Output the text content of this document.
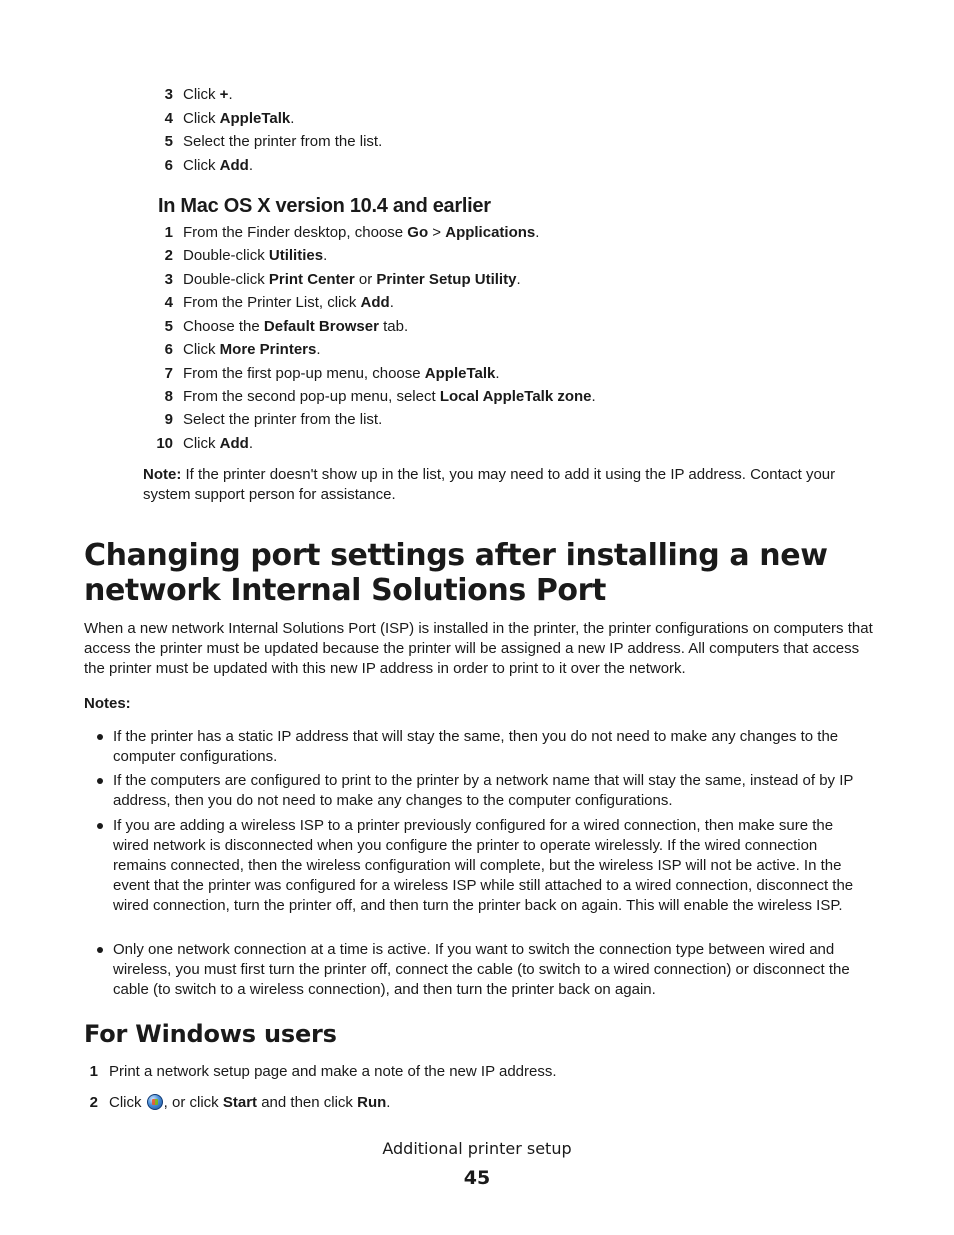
3 Click +.
4 Click AppleTalk.
5 Select the printer from the list.
6 Click Add.
In Mac OS X version 10.4 and earlier
1 From the Finder desktop, choose Go > Applications.
2 Double-click Utilities.
3 Double-click Print Center or Printer Setup Utility.
4 From the Printer List, click Add.
5 Choose the Default Browser tab.
6 Click More Printers.
7 From the first pop-up menu, choose AppleTalk.
8 From the second pop-up menu, select Local AppleTalk zone.
9 Select the printer from the list.
10 Click Add.
Note: If the printer doesn't show up in the list, you may need to add it using the IP address. Contact your system support person for assistance.
Changing port settings after installing a new network Internal Solutions Port
When a new network Internal Solutions Port (ISP) is installed in the printer, the printer configurations on computers that access the printer must be updated because the printer will be assigned a new IP address. All computers that access the printer must be updated with this new IP address in order to print to it over the network.
Notes:
If the printer has a static IP address that will stay the same, then you do not need to make any changes to the computer configurations.
If the computers are configured to print to the printer by a network name that will stay the same, instead of by IP address, then you do not need to make any changes to the computer configurations.
If you are adding a wireless ISP to a printer previously configured for a wired connection, then make sure the wired network is disconnected when you configure the printer to operate wirelessly. If the wired connection remains connected, then the wireless configuration will complete, but the wireless ISP will not be active. In the event that the printer was configured for a wireless ISP while still attached to a wired connection, disconnect the wired connection, turn the printer off, and then turn the printer back on again. This will enable the wireless ISP.
Only one network connection at a time is active. If you want to switch the connection type between wired and wireless, you must first turn the printer off, connect the cable (to switch to a wired connection) or disconnect the cable (to switch to a wireless connection), and then turn the printer back on again.
For Windows users
1 Print a network setup page and make a note of the new IP address.
2 Click , or click Start and then click Run.
Additional printer setup
45
